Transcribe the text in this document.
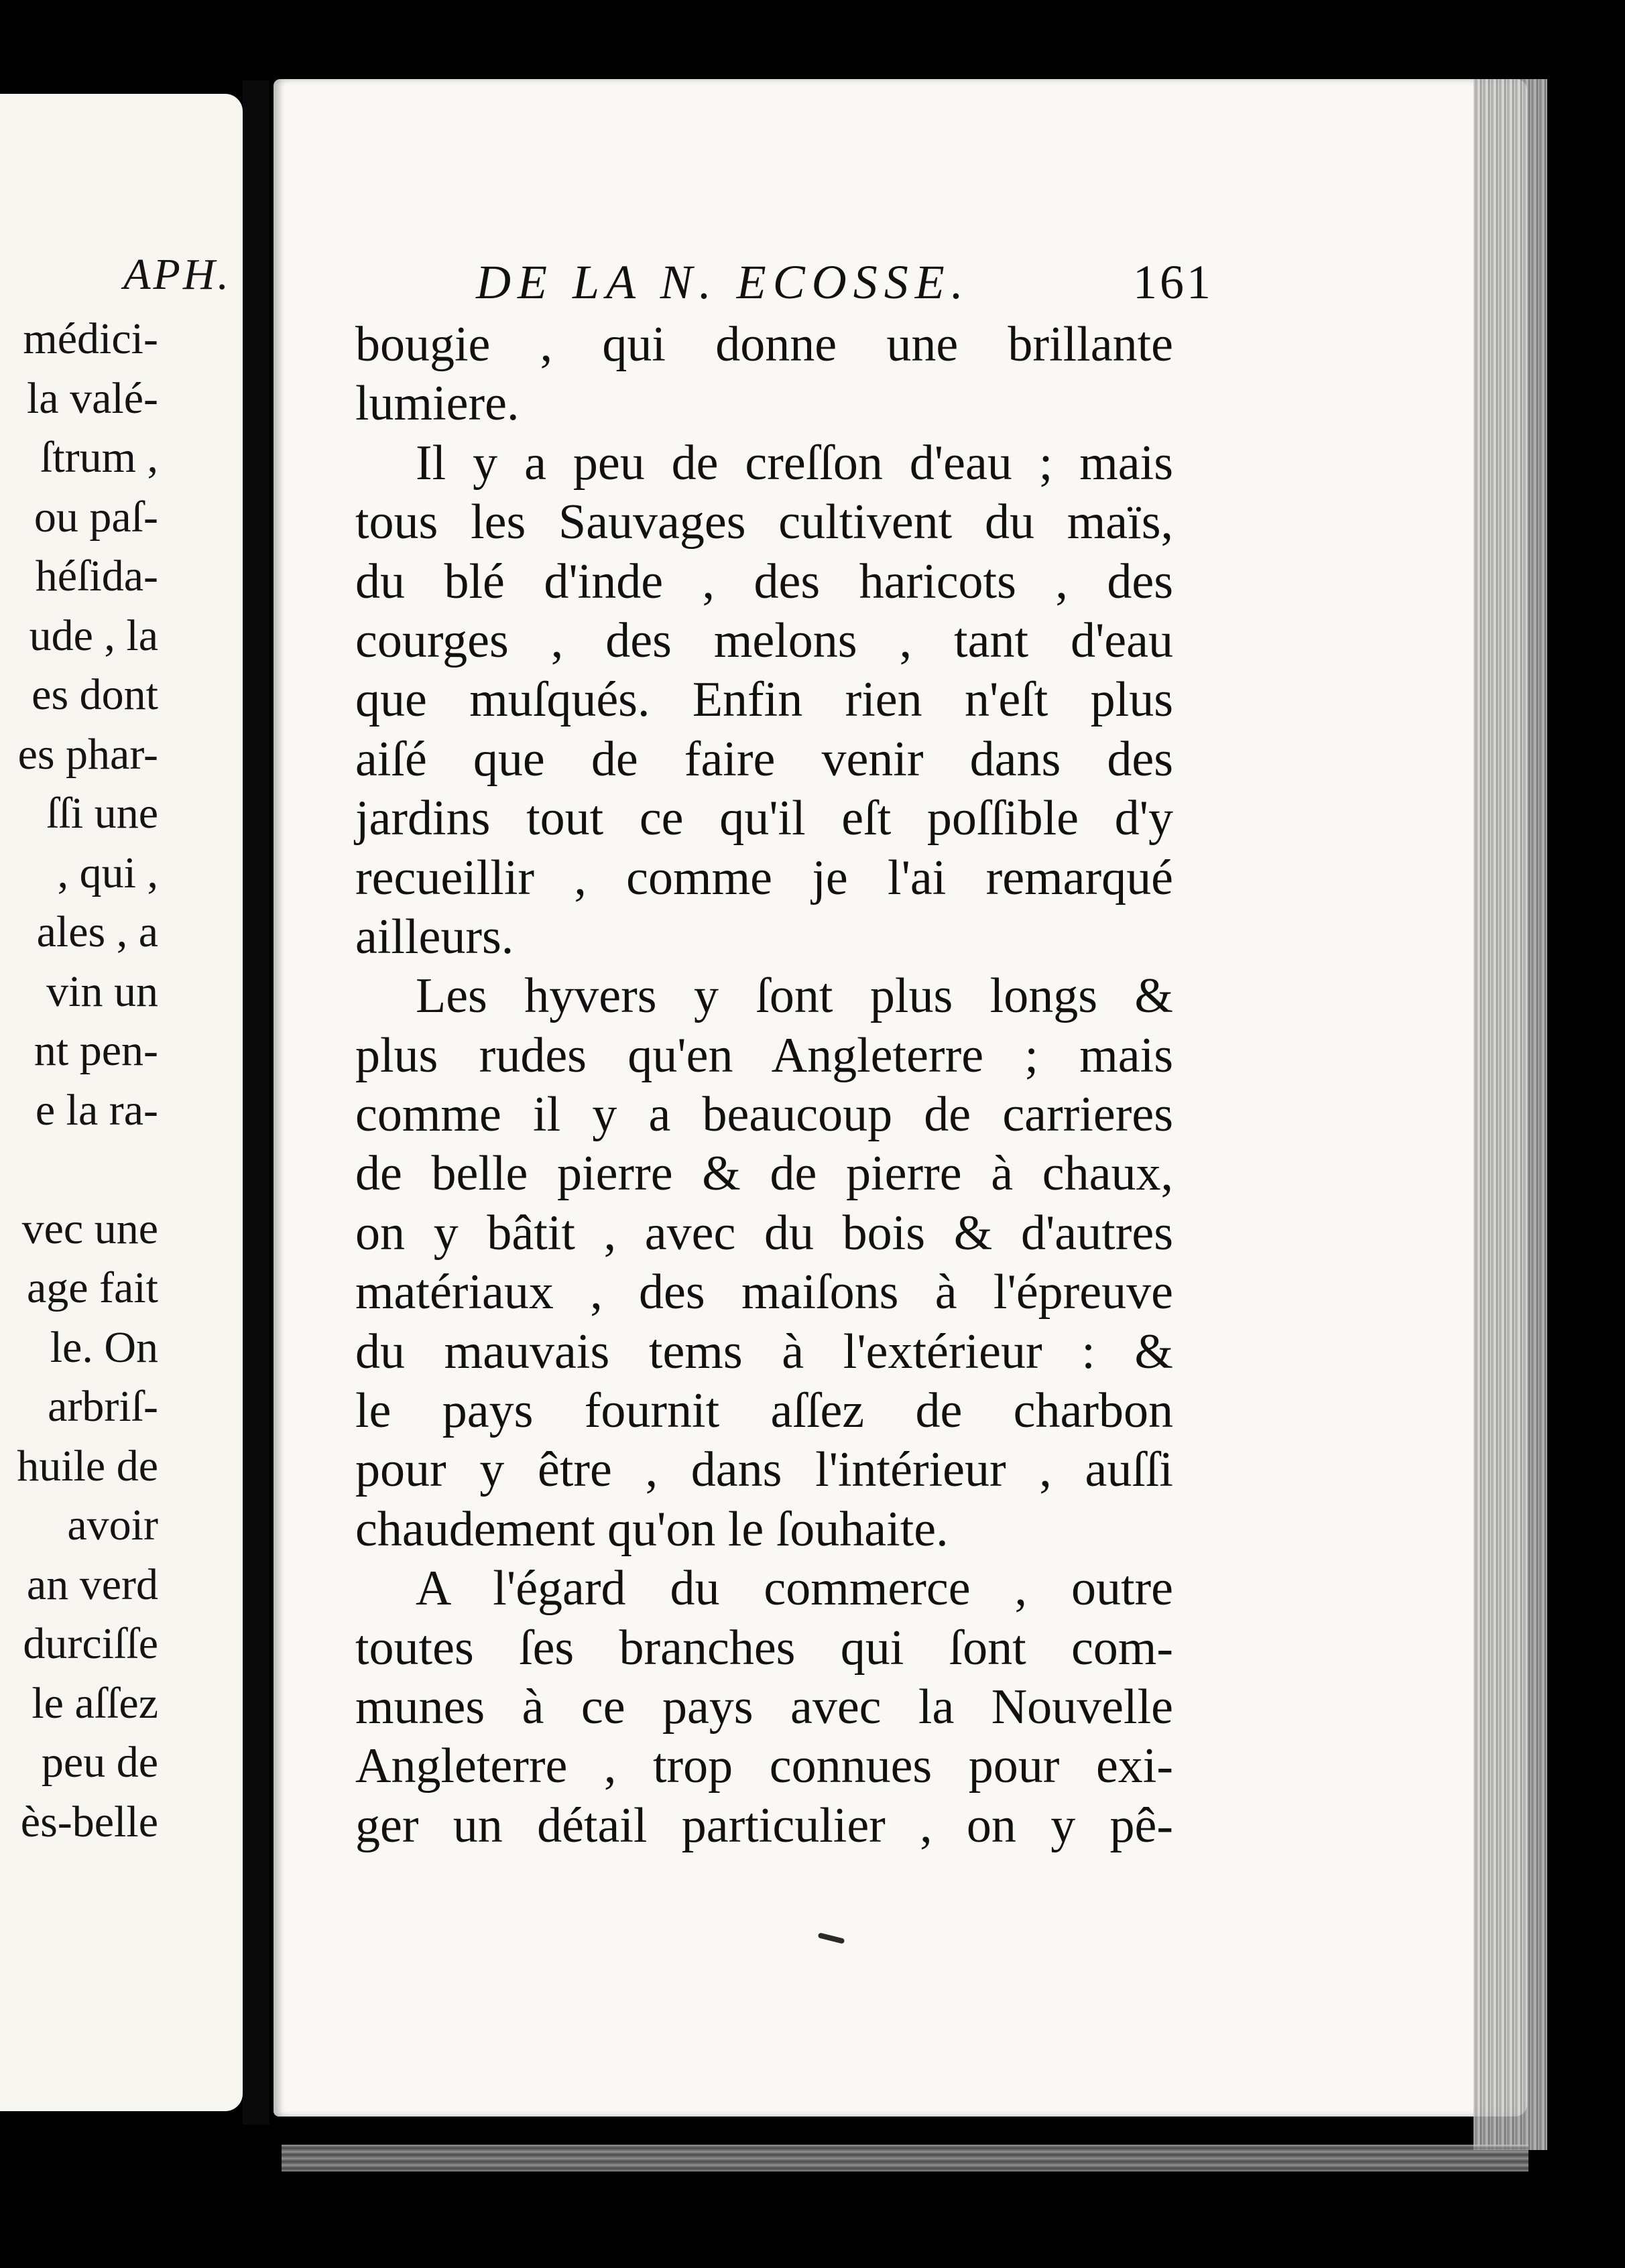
APH.
médici-
la valé-
ſtrum ,
ou paſ-
héſida-
ude , la
es dont
es phar-
ſſi une
, qui ,
ales , a
vin un
nt pen-
e la ra-
vec une
age fait
le. On
arbriſ-
huile de
avoir
an verd
durciſſe
le aſſez
peu de
ès-belle
DE LA N. ECOSSE.	161
bougie , qui donne une brillante
lumiere.
Il y a peu de creſſon d'eau ; mais
tous les Sauvages cultivent du maïs,
du blé d'inde , des haricots , des
courges , des melons , tant d'eau
que muſqués. Enfin rien n'eſt plus
aiſé que de faire venir dans des
jardins tout ce qu'il eſt poſſible d'y
recueillir , comme je l'ai remarqué
ailleurs.
Les hyvers y ſont plus longs &
plus rudes qu'en Angleterre ; mais
comme il y a beaucoup de carrieres
de belle pierre & de pierre à chaux,
on y bâtit , avec du bois & d'autres
matériaux , des maiſons à l'épreuve
du mauvais tems à l'extérieur : &
le pays fournit aſſez de charbon
pour y être , dans l'intérieur , auſſi
chaudement qu'on le ſouhaite.
A l'égard du commerce , outre
toutes ſes branches qui ſont com-
munes à ce pays avec la Nouvelle
Angleterre , trop connues pour exi-
ger un détail particulier , on y pê-
